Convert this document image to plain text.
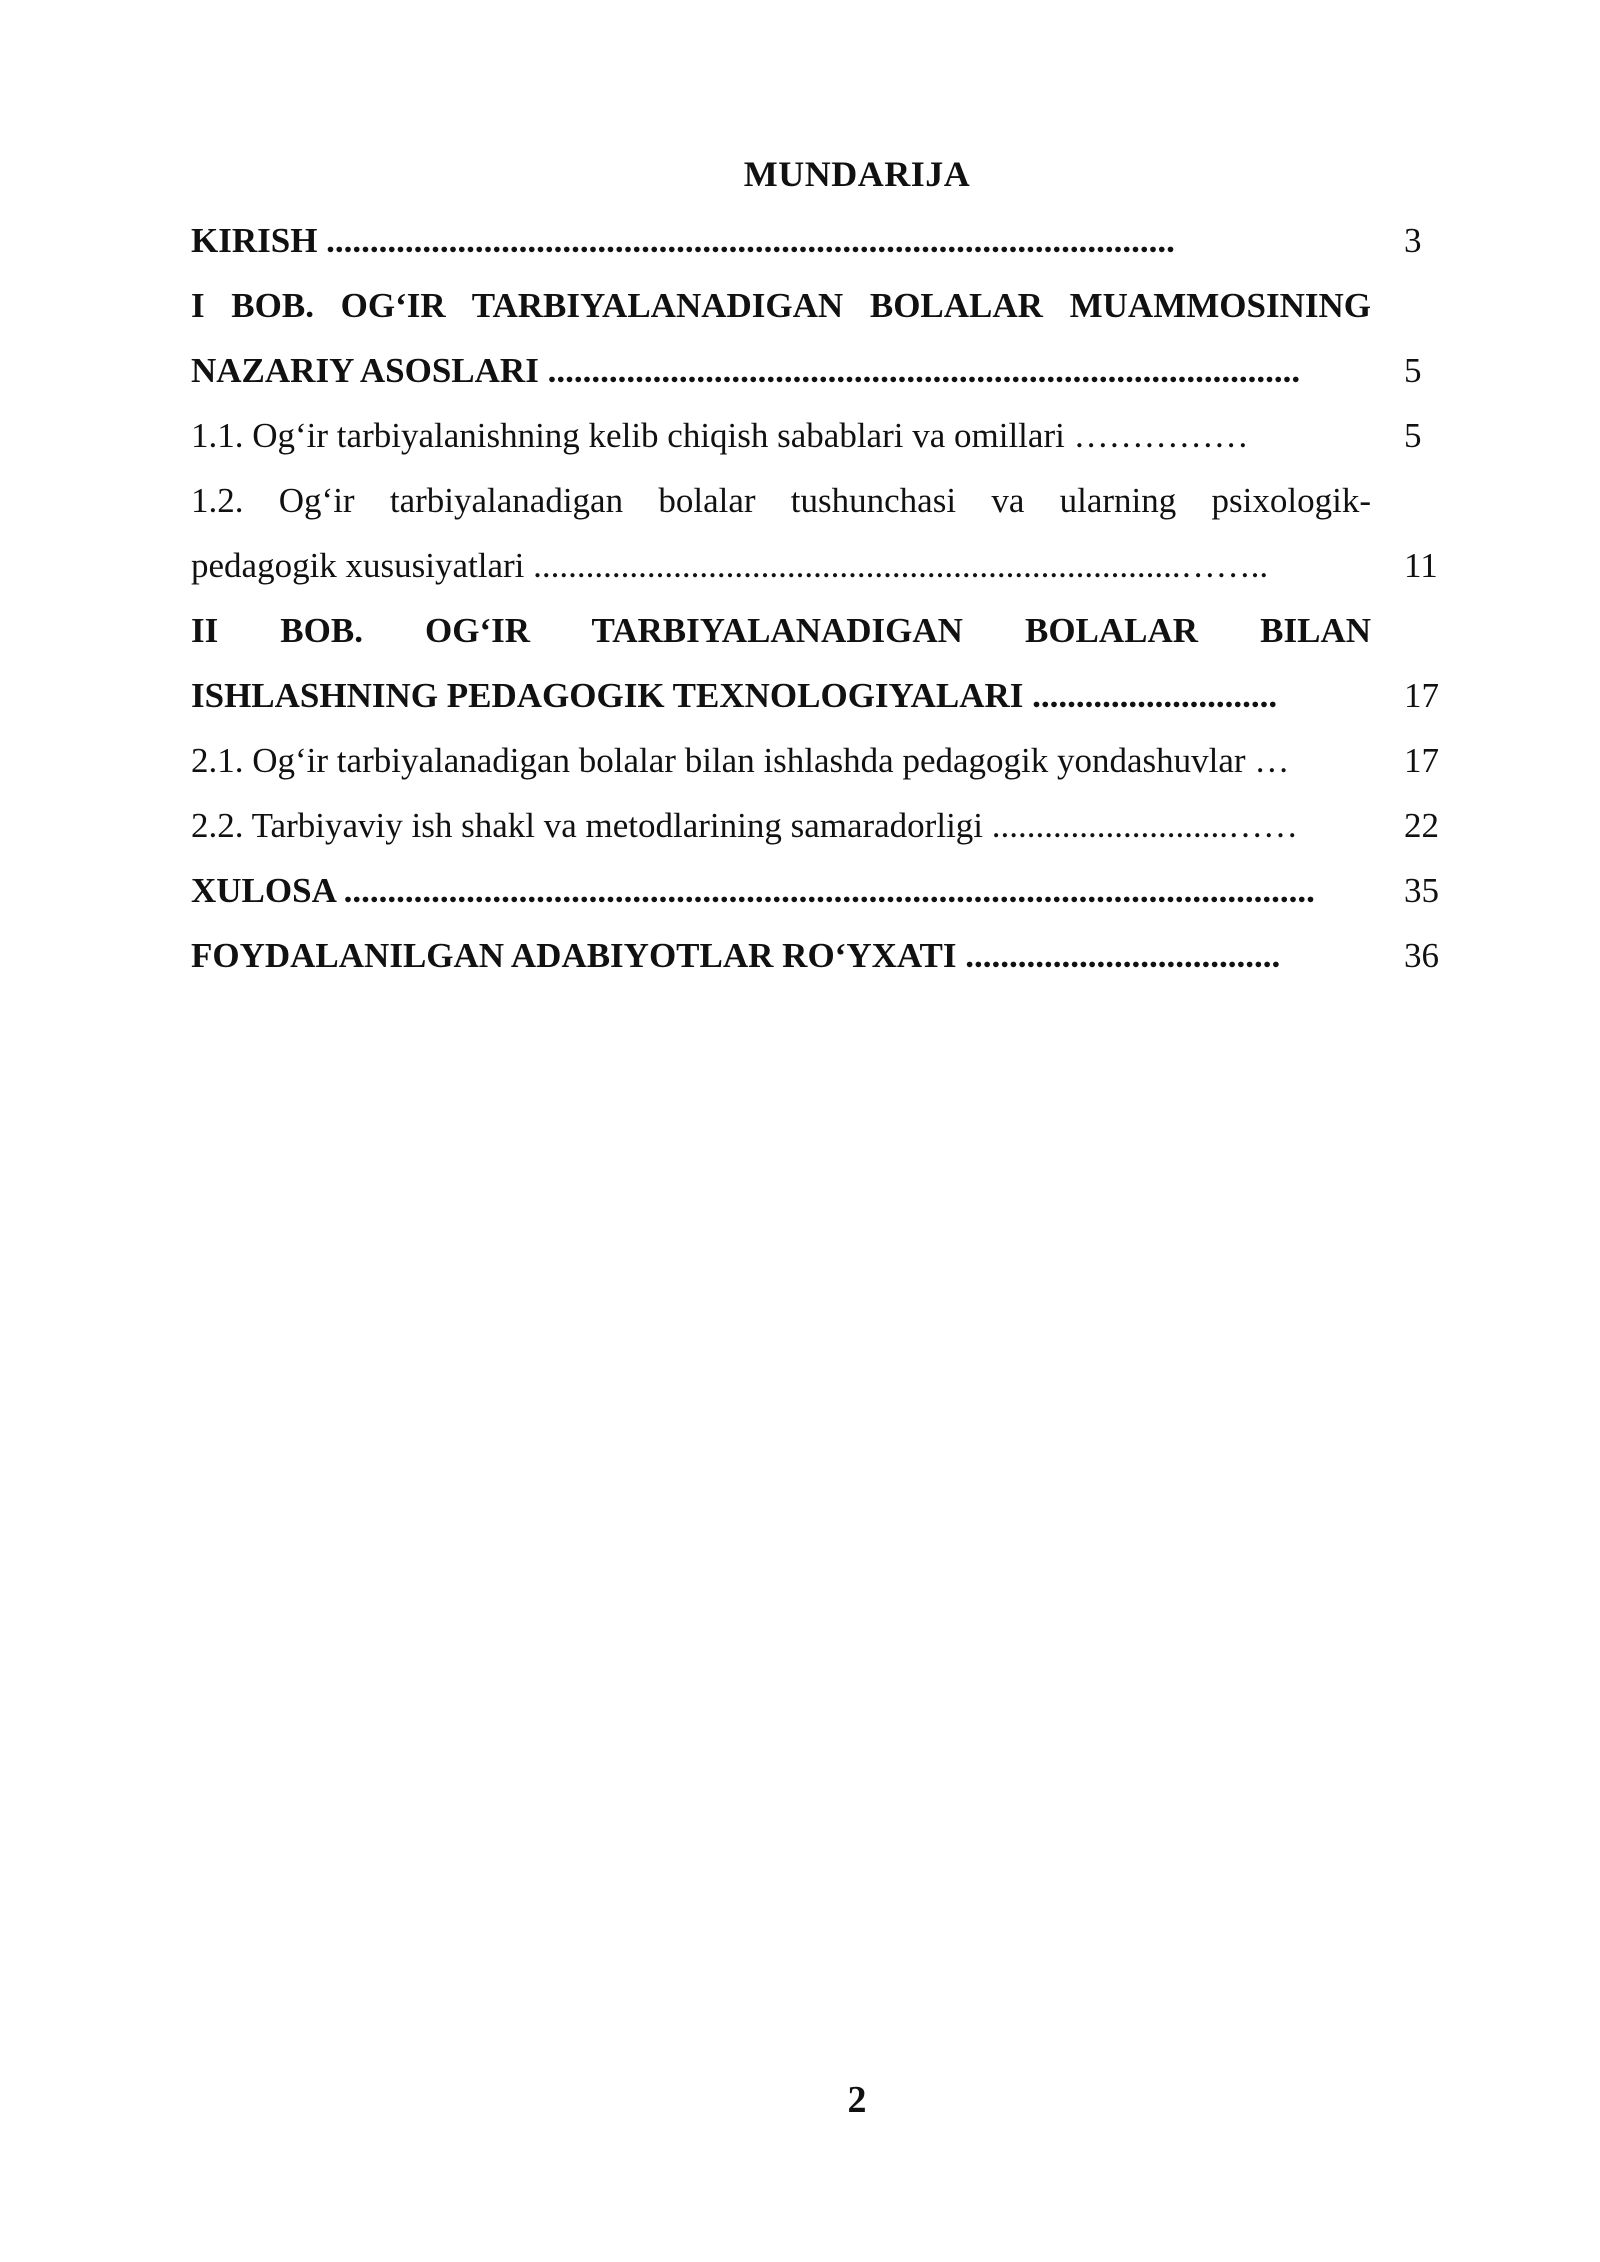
MUNDARIJA
KIRISH .................................................................................................	3
I BOB. OG‘IR TARBIYALANADIGAN BOLALAR MUAMMOSINING
NAZARIY ASOSLARI ......................................................................................	5
1.1. Og‘ir tarbiyalanishning kelib chiqish sabablari va omillari ……………	5
1.2. Og‘ir tarbiyalanadigan bolalar tushunchasi va ularning psixologik-
pedagogik xususiyatlari ..........................................................................……..	11
II BOB. OG‘IR TARBIYALANADIGAN BOLALAR BILAN
ISHLASHNING PEDAGOGIK TEXNOLOGIYALARI ............................	17
2.1. Og‘ir tarbiyalanadigan bolalar bilan ishlashda pedagogik yondashuvlar …	17
2.2. Tarbiyaviy ish shakl va metodlarining samaradorligi ...........................……	22
XULOSA ...............................................................................................................	35
FOYDALANILGAN ADABIYOTLAR RO‘YXATI ....................................	36
2
